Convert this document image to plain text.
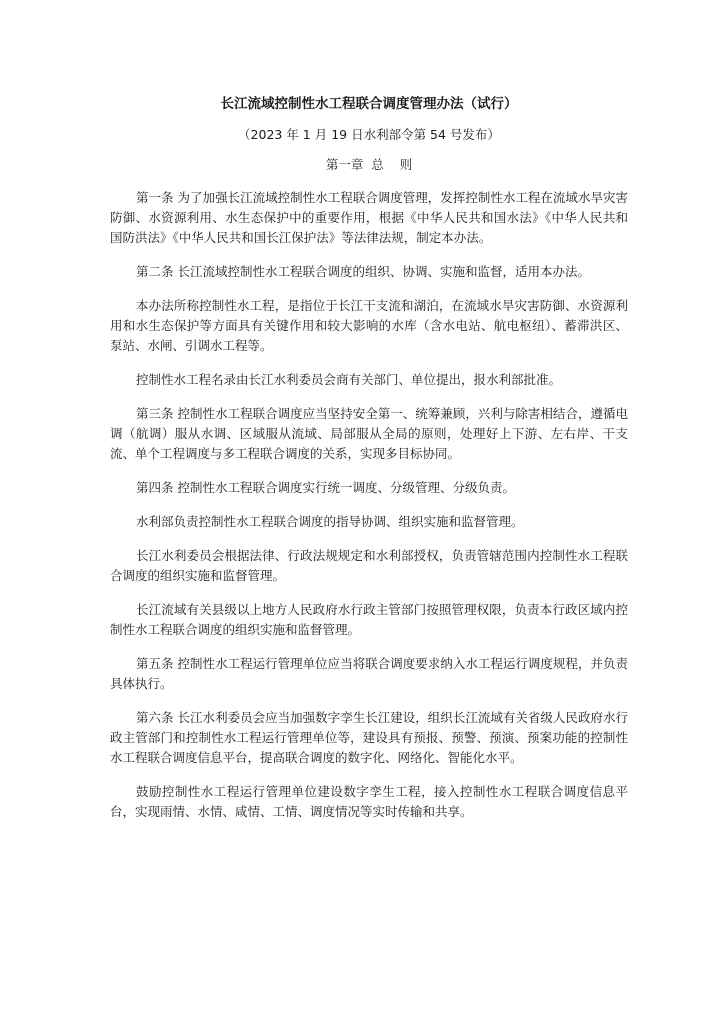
长江流域控制性水工程联合调度管理办法（试行）
（2023 年 1 月 19 日水利部令第 54 号发布）
第一章  总    则

第一条 为了加强长江流域控制性水工程联合调度管理，发挥控制性水工程在流域水旱灾害防御、水资源利用、水生态保护中的重要作用，根据《中华人民共和国水法》《中华人民共和国防洪法》《中华人民共和国长江保护法》等法律法规，制定本办法。

第二条 长江流域控制性水工程联合调度的组织、协调、实施和监督，适用本办法。

本办法所称控制性水工程，是指位于长江干支流和湖泊，在流域水旱灾害防御、水资源利用和水生态保护等方面具有关键作用和较大影响的水库（含水电站、航电枢纽）、蓄滞洪区、泵站、水闸、引调水工程等。

控制性水工程名录由长江水利委员会商有关部门、单位提出，报水利部批准。

第三条 控制性水工程联合调度应当坚持安全第一、统筹兼顾，兴利与除害相结合，遵循电调（航调）服从水调、区域服从流域、局部服从全局的原则，处理好上下游、左右岸、干支流、单个工程调度与多工程联合调度的关系，实现多目标协同。

第四条 控制性水工程联合调度实行统一调度、分级管理、分级负责。

水利部负责控制性水工程联合调度的指导协调、组织实施和监督管理。

长江水利委员会根据法律、行政法规规定和水利部授权，负责管辖范围内控制性水工程联合调度的组织实施和监督管理。

长江流域有关县级以上地方人民政府水行政主管部门按照管理权限，负责本行政区域内控制性水工程联合调度的组织实施和监督管理。

第五条 控制性水工程运行管理单位应当将联合调度要求纳入水工程运行调度规程，并负责具体执行。

第六条 长江水利委员会应当加强数字孪生长江建设，组织长江流域有关省级人民政府水行政主管部门和控制性水工程运行管理单位等，建设具有预报、预警、预演、预案功能的控制性水工程联合调度信息平台，提高联合调度的数字化、网络化、智能化水平。

鼓励控制性水工程运行管理单位建设数字孪生工程，接入控制性水工程联合调度信息平台，实现雨情、水情、咸情、工情、调度情况等实时传输和共享。
